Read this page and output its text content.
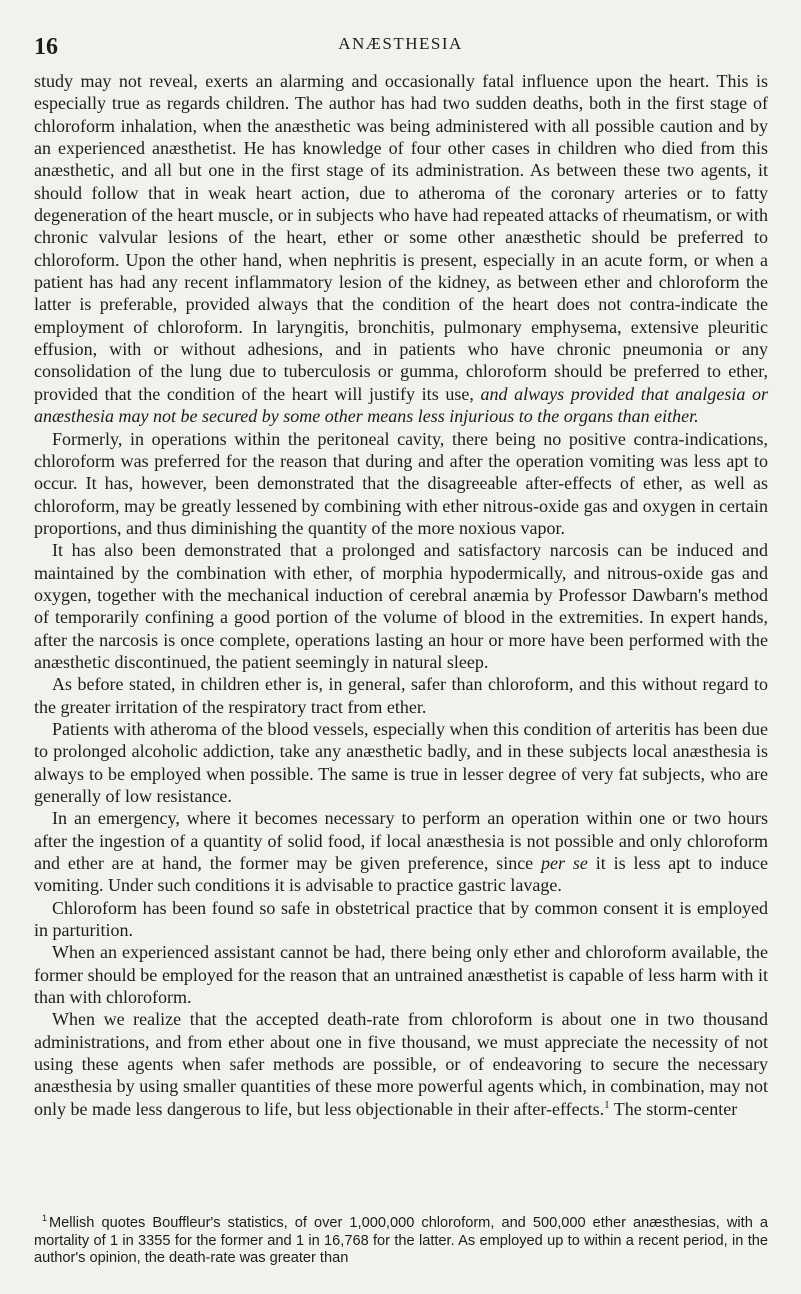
16	ANÆSTHESIA

study may not reveal, exerts an alarming and occasionally fatal influence upon the heart. This is especially true as regards children. The author has had two sudden deaths, both in the first stage of chloroform inhalation, when the anæsthetic was being administered with all possible caution and by an experienced anæsthetist. He has knowledge of four other cases in children who died from this anæsthetic, and all but one in the first stage of its administration. As between these two agents, it should follow that in weak heart action, due to atheroma of the coronary arteries or to fatty degeneration of the heart muscle, or in subjects who have had repeated attacks of rheumatism, or with chronic valvular lesions of the heart, ether or some other anæsthetic should be preferred to chloroform. Upon the other hand, when nephritis is present, especially in an acute form, or when a patient has had any recent inflammatory lesion of the kidney, as between ether and chloroform the latter is preferable, provided always that the condition of the heart does not contra-indicate the employment of chloroform. In laryngitis, bronchitis, pulmonary emphysema, extensive pleuritic effusion, with or without adhesions, and in patients who have chronic pneumonia or any consolidation of the lung due to tuberculosis or gumma, chloroform should be preferred to ether, provided that the condition of the heart will justify its use, and always provided that analgesia or anæsthesia may not be secured by some other means less injurious to the organs than either.

Formerly, in operations within the peritoneal cavity, there being no positive contra-indications, chloroform was preferred for the reason that during and after the operation vomiting was less apt to occur. It has, however, been demonstrated that the disagreeable after-effects of ether, as well as chloroform, may be greatly lessened by combining with ether nitrous-oxide gas and oxygen in certain proportions, and thus diminishing the quantity of the more noxious vapor.

It has also been demonstrated that a prolonged and satisfactory narcosis can be induced and maintained by the combination with ether, of morphia hypodermically, and nitrous-oxide gas and oxygen, together with the mechanical induction of cerebral anæmia by Professor Dawbarn's method of temporarily confining a good portion of the volume of blood in the extremities. In expert hands, after the narcosis is once complete, operations lasting an hour or more have been performed with the anæsthetic discontinued, the patient seemingly in natural sleep.

As before stated, in children ether is, in general, safer than chloroform, and this without regard to the greater irritation of the respiratory tract from ether.

Patients with atheroma of the blood vessels, especially when this condition of arteritis has been due to prolonged alcoholic addiction, take any anæsthetic badly, and in these subjects local anæsthesia is always to be employed when possible. The same is true in lesser degree of very fat subjects, who are generally of low resistance.

In an emergency, where it becomes necessary to perform an operation within one or two hours after the ingestion of a quantity of solid food, if local anæsthesia is not possible and only chloroform and ether are at hand, the former may be given preference, since per se it is less apt to induce vomiting. Under such conditions it is advisable to practice gastric lavage.

Chloroform has been found so safe in obstetrical practice that by common consent it is employed in parturition.

When an experienced assistant cannot be had, there being only ether and chloroform available, the former should be employed for the reason that an untrained anæsthetist is capable of less harm with it than with chloroform.

When we realize that the accepted death-rate from chloroform is about one in two thousand administrations, and from ether about one in five thousand, we must appreciate the necessity of not using these agents when safer methods are possible, or of endeavoring to secure the necessary anæsthesia by using smaller quantities of these more powerful agents which, in combination, may not only be made less dangerous to life, but less objectionable in their after-effects.$^1$ The storm-center

$^1$ Mellish quotes Bouffleur's statistics, of over 1,000,000 chloroform, and 500,000 ether anæsthesias, with a mortality of 1 in 3355 for the former and 1 in 16,768 for the latter. As employed up to within a recent period, in the author's opinion, the death-rate was greater than
